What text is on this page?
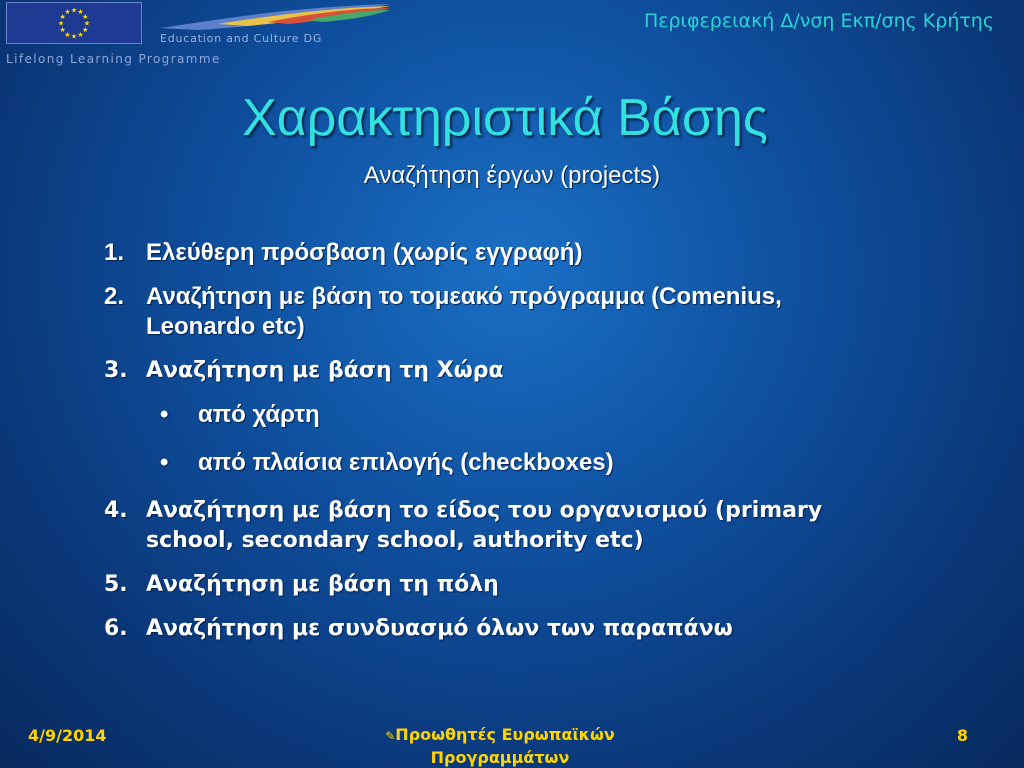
★
★
★
★
★
★
★
★
★ ★ ★
★
Education and Culture DG
Lifelong Learning Programme
Περιφερειακή Δ/νση Εκπ/σης Κρήτης
Χαρακτηριστικά Βάσης
Αναζήτηση έργων (projects)
1. Ελεύθερη πρόσβαση (χωρίς εγγραφή)
2. Αναζήτηση με βάση το τομεακό πρόγραμμα (Comenius,
Leonardo etc)
3. Αναζήτηση με βάση τη Χώρα
• από χάρτη
• από πλαίσια επιλογής (checkboxes)
4. Αναζήτηση με βάση το είδος του οργανισμού (primary
school, secondary school, authority etc)
5. Αναζήτηση με βάση τη πόλη
6. Αναζήτηση με συνδυασμό όλων των παραπάνω
4/9/2014	✎Προωθητές Ευρωπαϊκών
Προγραμμάτων
8
